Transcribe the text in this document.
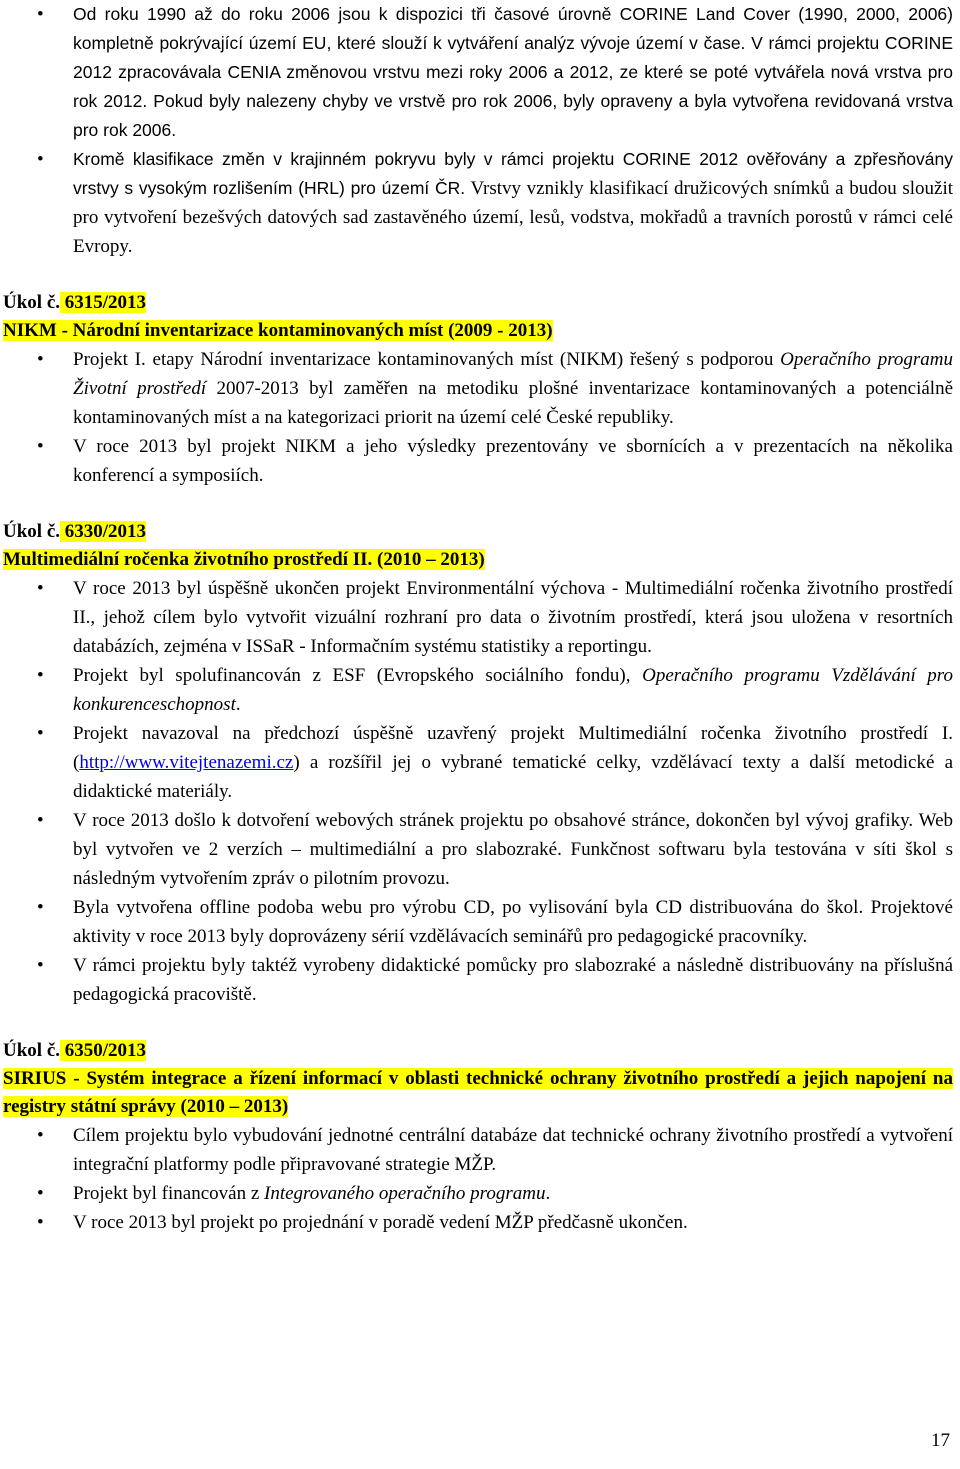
• Od roku 1990 až do roku 2006 jsou k dispozici tři časové úrovně CORINE Land Cover (1990, 2000, 2006) kompletně pokrývající území EU, které slouží k vytváření analýz vývoje území v čase. V rámci projektu CORINE 2012 zpracovávala CENIA změnovou vrstvu mezi roky 2006 a 2012, ze které se poté vytvářela nová vrstva pro rok 2012. Pokud byly nalezeny chyby ve vrstvě pro rok 2006, byly opraveny a byla vytvořena revidovaná vrstva pro rok 2006.
• Kromě klasifikace změn v krajinném pokryvu byly v rámci projektu CORINE 2012 ověřovány a zpřesňovány vrstvy s vysokým rozlišením (HRL) pro území ČR. Vrstvy vznikly klasifikací družicových snímků a budou sloužit pro vytvoření bezešvých datových sad zastavěného území, lesů, vodstva, mokřadů a travních porostů v rámci celé Evropy.
Úkol č. 6315/2013
NIKM - Národní inventarizace kontaminovaných míst (2009 - 2013)
• Projekt I. etapy Národní inventarizace kontaminovaných míst (NIKM) řešený s podporou Operačního programu Životní prostředí 2007-2013 byl zaměřen na metodiku plošné inventarizace kontaminovaných a potenciálně kontaminovaných míst a na kategorizaci priorit na území celé České republiky.
• V roce 2013 byl projekt NIKM a jeho výsledky prezentovány ve sbornících a v prezentacích na několika konferencí a symposiích.
Úkol č. 6330/2013
Multimediální ročenka životního prostředí II. (2010 – 2013)
• V roce 2013 byl úspěšně ukončen projekt Environmentální výchova - Multimediální ročenka životního prostředí II., jehož cílem bylo vytvořit vizuální rozhraní pro data o životním prostředí, která jsou uložena v resortních databázích, zejména v ISSaR - Informačním systému statistiky a reportingu.
• Projekt byl spolufinancován z ESF (Evropského sociálního fondu), Operačního programu Vzdělávání pro konkurenceschopnost.
• Projekt navazoval na předchozí úspěšně uzavřený projekt Multimediální ročenka životního prostředí I. (http://www.vitejtenazemi.cz) a rozšířil jej o vybrané tematické celky, vzdělávací texty a další metodické a didaktické materiály.
• V roce 2013 došlo k dotvoření webových stránek projektu po obsahové stránce, dokončen byl vývoj grafiky. Web byl vytvořen ve 2 verzích – multimediální a pro slabozraké. Funkčnost softwaru byla testována v síti škol s následným vytvořením zpráv o pilotním provozu.
• Byla vytvořena offline podoba webu pro výrobu CD, po vylisování byla CD distribuována do škol. Projektové aktivity v roce 2013 byly doprovázeny sérií vzdělávacích seminářů pro pedagogické pracovníky.
• V rámci projektu byly taktéž vyrobeny didaktické pomůcky pro slabozraké a následně distribuovány na příslušná pedagogická pracoviště.
Úkol č. 6350/2013
SIRIUS - Systém integrace a řízení informací v oblasti technické ochrany životního prostředí a jejich napojení na registry státní správy (2010 – 2013)
• Cílem projektu bylo vybudování jednotné centrální databáze dat technické ochrany životního prostředí a vytvoření integrační platformy podle připravované strategie MŽP.
• Projekt byl financován z Integrovaného operačního programu.
• V roce 2013 byl projekt po projednání v poradě vedení MŽP předčasně ukončen.
17
